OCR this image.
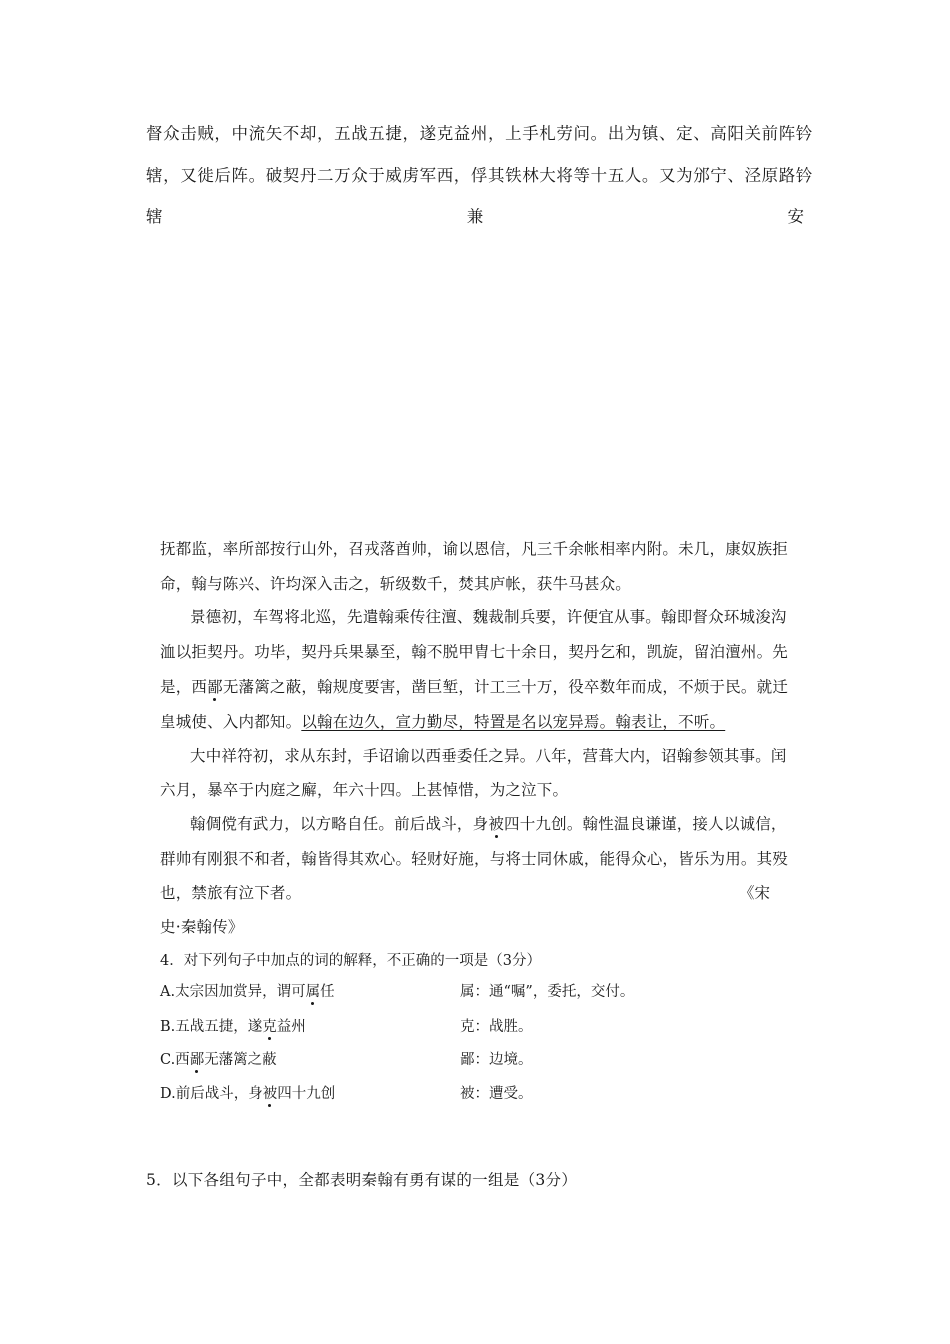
督众击贼，中流矢不却，五战五捷，遂克益州，上手札劳问。出为镇、定、高阳关前阵钤

辖，又徙后阵。破契丹二万众于威虏军西，俘其铁林大将等十五人。又为邠宁、泾原路钤

辖	兼	安

抚都监，率所部按行山外，召戎落酋帅，谕以恩信，凡三千余帐相率内附。未几，康奴族拒

命，翰与陈兴、许均深入击之，斩级数千，焚其庐帐，获牛马甚众。

景德初，车驾将北巡，先遣翰乘传往澶、魏裁制兵要，许便宜从事。翰即督众环城浚沟

洫以拒契丹。功毕，契丹兵果暴至，翰不脱甲胄七十余日，契丹乞和，凯旋，留泊澶州。先

是，西鄙无藩篱之蔽，翰规度要害，凿巨堑，计工三十万，役卒数年而成，不烦于民。就迁

皇城使、入内都知。以翰在边久，宣力勤尽，特置是名以宠异焉。翰表让，不听。

大中祥符初，求从东封，手诏谕以西垂委任之异。八年，营葺大内，诏翰参领其事。闰

六月，暴卒于内庭之廨，年六十四。上甚悼惜，为之泣下。

翰倜傥有武力，以方略自任。前后战斗，身被四十九创。翰性温良谦谨，接人以诚信，

群帅有刚狠不和者，翰皆得其欢心。轻财好施，与将士同休戚，能得众心，皆乐为用。其殁

也，禁旅有泣下者。	《宋

史·秦翰传》

4．对下列句子中加点的词的解释，不正确的一项是（3分）

A.太宗因加赏异，谓可属任	属：通“嘱”，委托，交付。
B.五战五捷，遂克益州	克：战胜。
C.西鄙无藩篱之蔽	鄙：边境。
D.前后战斗，身被四十九创	被：遭受。

5．以下各组句子中，全都表明秦翰有勇有谋的一组是（3分）
